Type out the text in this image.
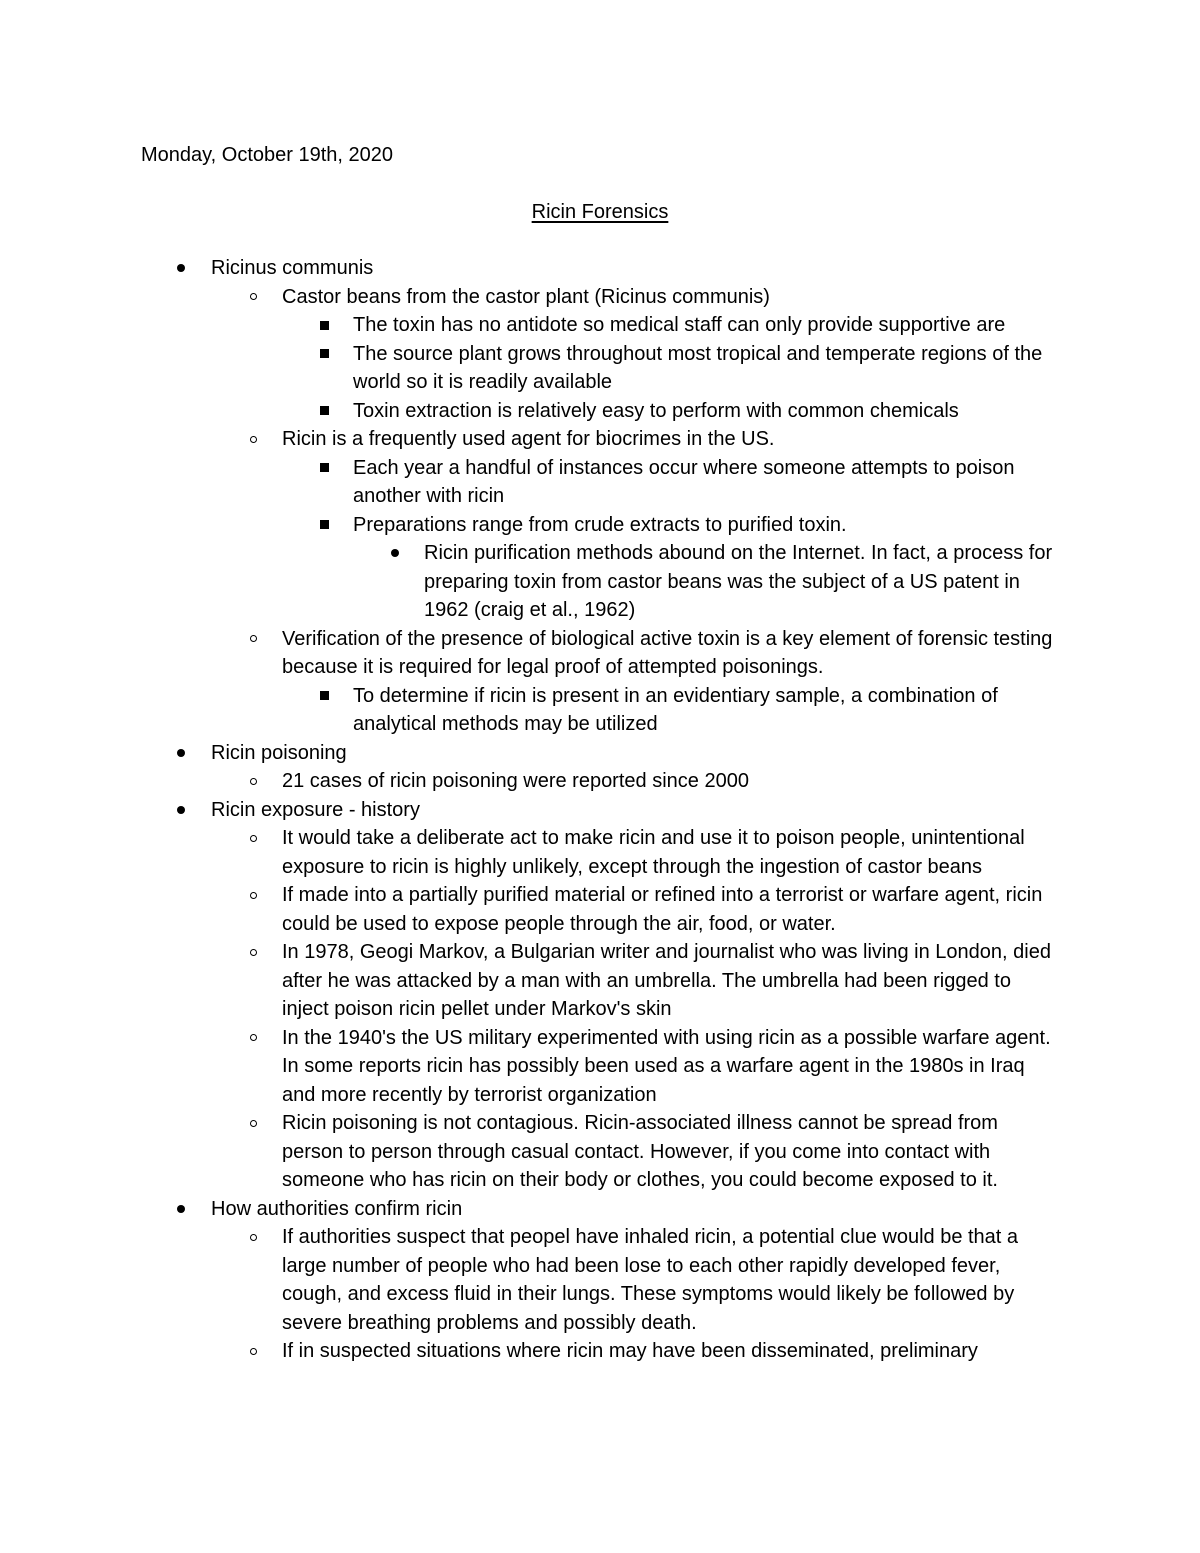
Monday, October 19th, 2020
Ricin Forensics
Ricinus communis
Castor beans from the castor plant (Ricinus communis)
The toxin has no antidote so medical staff can only provide supportive are
The source plant grows throughout most tropical and temperate regions of the world so it is readily available
Toxin extraction is relatively easy to perform with common chemicals
Ricin is a frequently used agent for biocrimes in the US.
Each year a handful of instances occur where someone attempts to poison another with ricin
Preparations range from crude extracts to purified toxin.
Ricin purification methods abound on the Internet. In fact, a process for preparing toxin from castor beans was the subject of a US patent in 1962 (craig et al., 1962)
Verification of the presence of biological active toxin is a key element of forensic testing because it is required for legal proof of attempted poisonings.
To determine if ricin is present in an evidentiary sample, a combination of analytical methods may be utilized
Ricin poisoning
21 cases of ricin poisoning were reported since 2000
Ricin exposure - history
It would take a deliberate act to make ricin and use it to poison people, unintentional exposure to ricin is highly unlikely, except through the ingestion of castor beans
If made into a partially purified material or refined into a terrorist or warfare agent, ricin could be used to expose people through the air, food, or water.
In 1978, Geogi Markov, a Bulgarian writer and journalist who was living in London, died after he was attacked by a man with an umbrella. The umbrella had been rigged to inject poison ricin pellet under Markov's skin
In the 1940's the US military experimented with using ricin as a possible warfare agent. In some reports ricin has possibly been used as a warfare agent in the 1980s in Iraq and more recently by terrorist organization
Ricin poisoning is not contagious. Ricin-associated illness cannot be spread from person to person through casual contact. However, if you come into contact with someone who has ricin on their body or clothes, you could become exposed to it.
How authorities confirm ricin
If authorities suspect that peopel have inhaled ricin, a potential clue would be that a large number of people who had been lose to each other rapidly developed fever, cough, and excess fluid in their lungs. These symptoms would likely be followed by severe breathing problems and possibly death.
If in suspected situations where ricin may have been disseminated, preliminary
